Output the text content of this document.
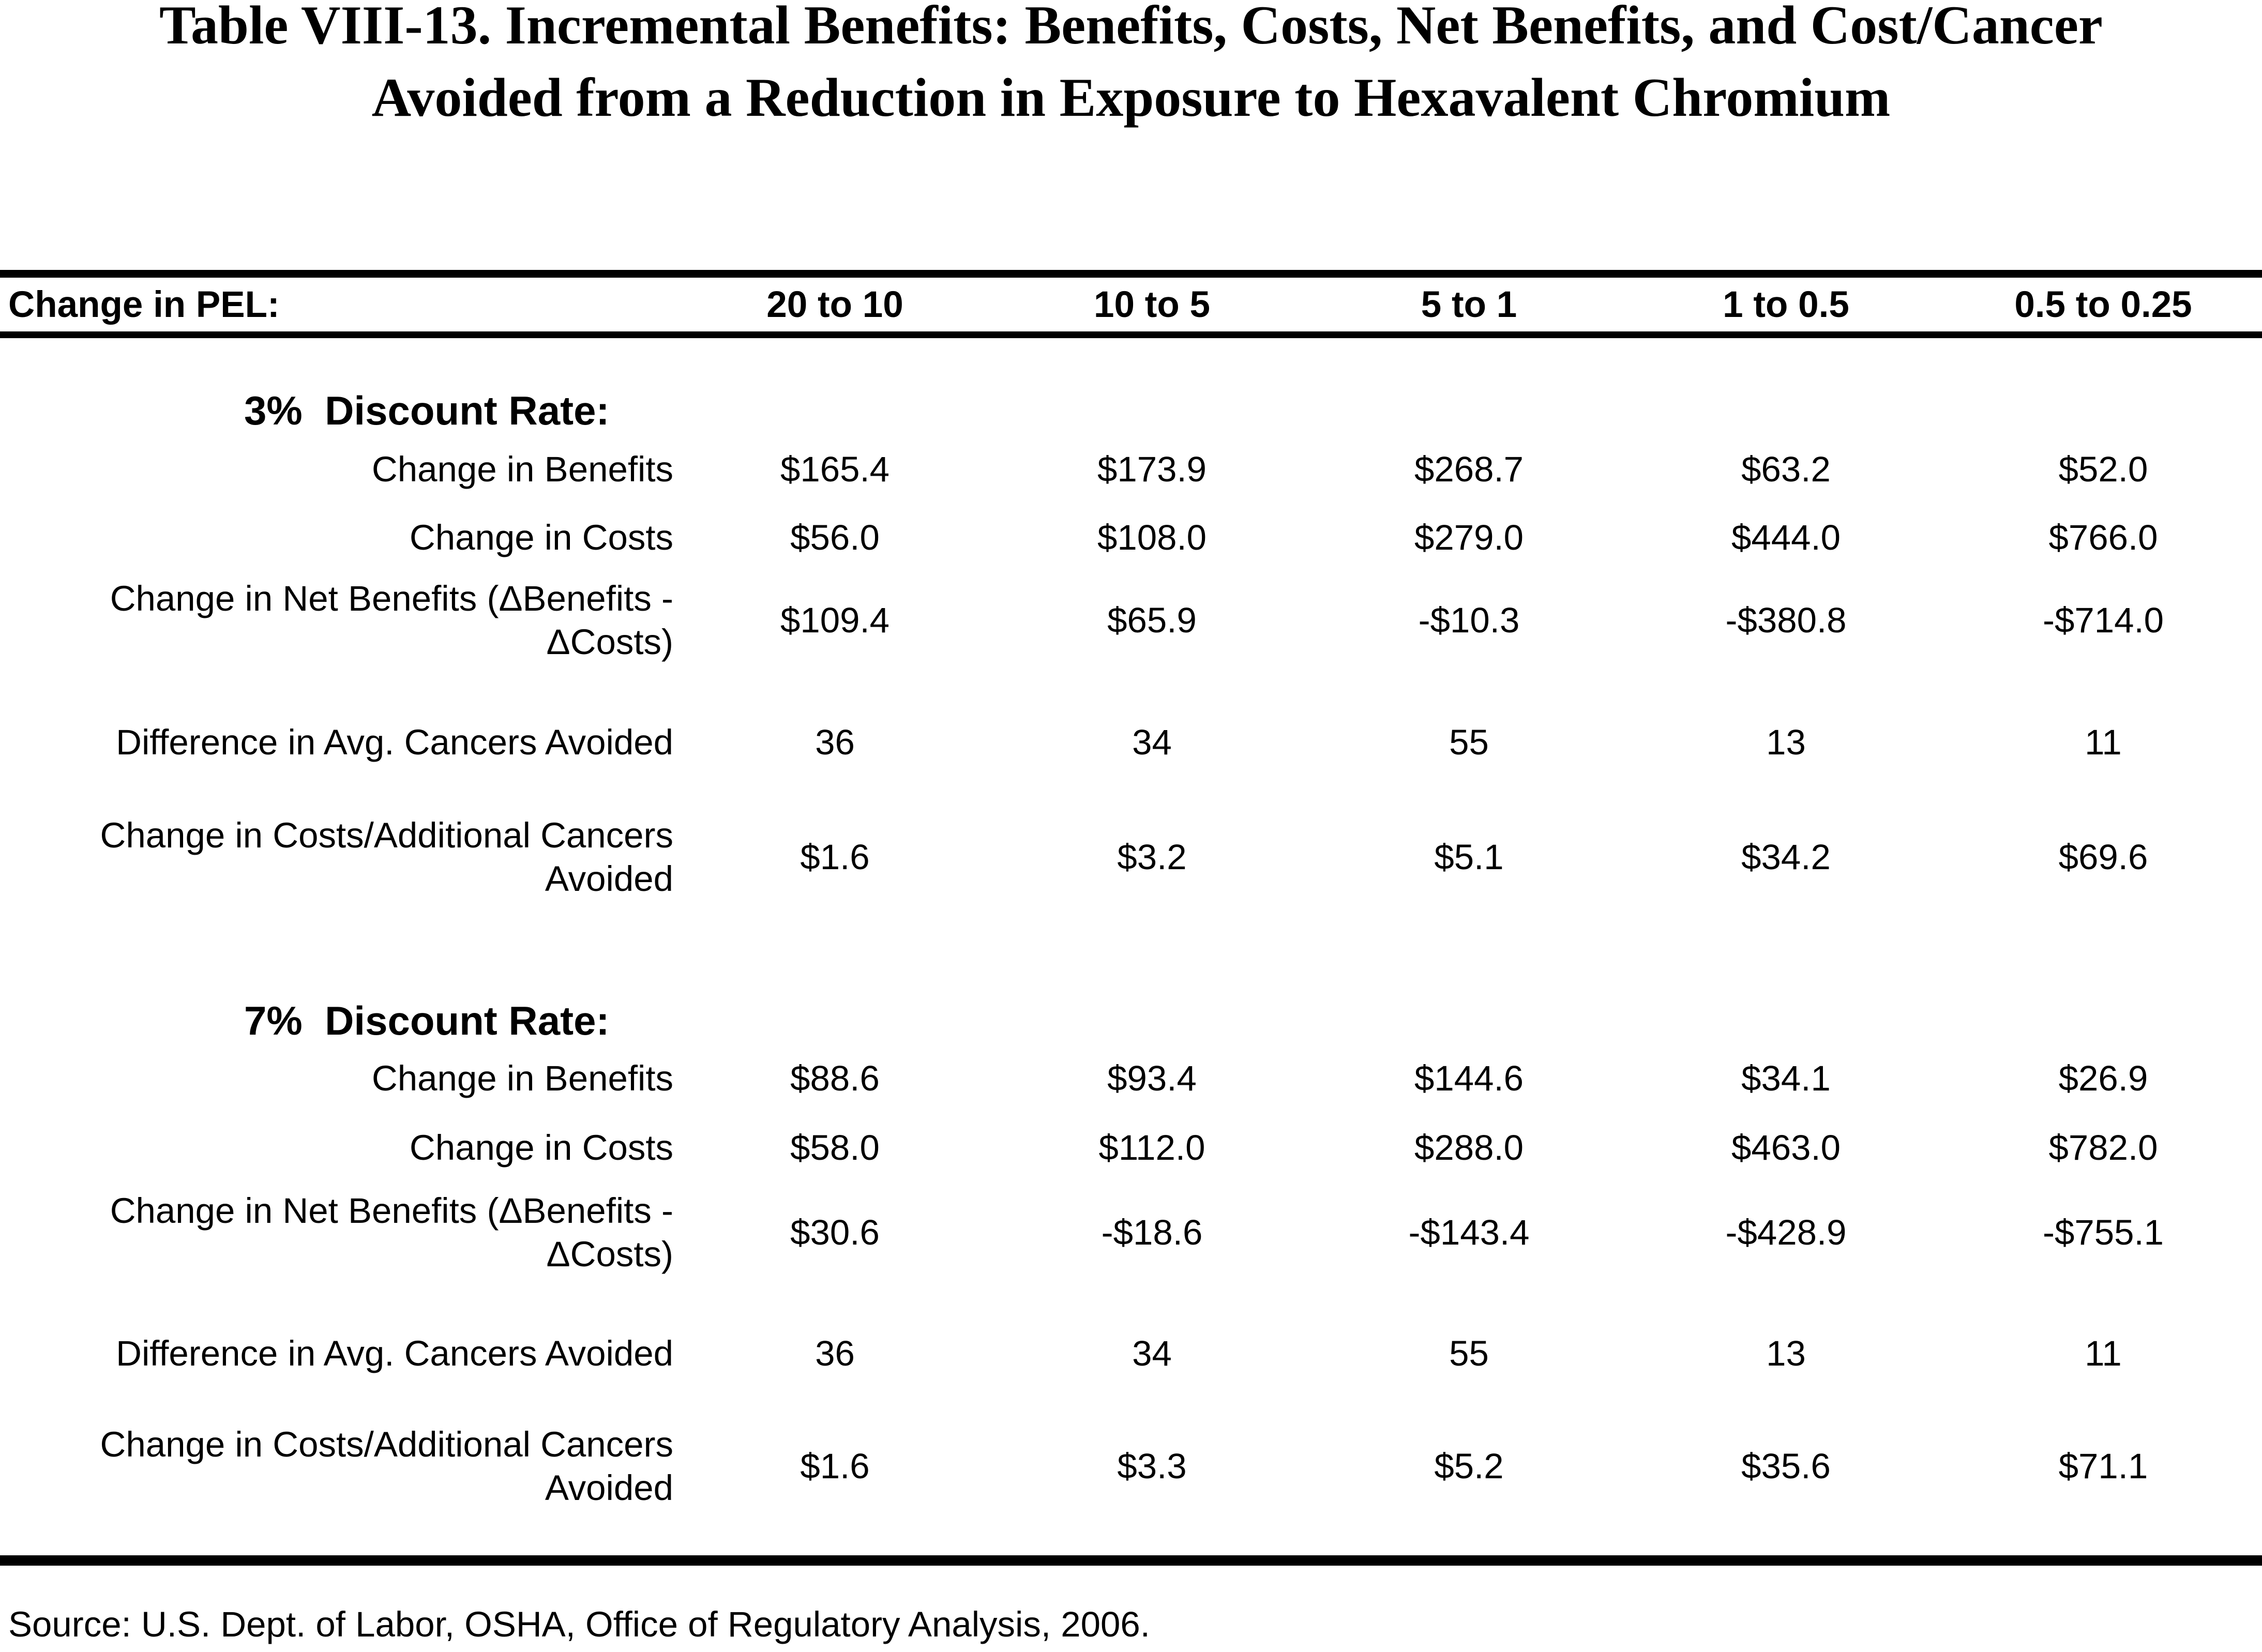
Table VIII-13. Incremental Benefits: Benefits, Costs, Net Benefits, and Cost/Cancer
Avoided from a Reduction in Exposure to Hexavalent Chromium
Change in PEL:	20 to 10	10 to 5	5 to 1	1 to 0.5	0.5 to 0.25
3%  Discount Rate:
Change in Benefits	$165.4	$173.9	$268.7	$63.2	$52.0
Change in Costs	$56.0	$108.0	$279.0	$444.0	$766.0
Change in Net Benefits (ΔBenefits -
ΔCosts)
$109.4	$65.9	-$10.3	-$380.8	-$714.0
Difference in Avg. Cancers Avoided	36	34	55	13	11
Change in Costs/Additional Cancers
Avoided
$1.6	$3.2	$5.1	$34.2	$69.6
7%  Discount Rate:
Change in Benefits	$88.6	$93.4	$144.6	$34.1	$26.9
Change in Costs	$58.0	$112.0	$288.0	$463.0	$782.0
Change in Net Benefits (ΔBenefits -
ΔCosts)
$30.6	-$18.6	-$143.4	-$428.9	-$755.1
Difference in Avg. Cancers Avoided	36	34	55	13	11
Change in Costs/Additional Cancers
Avoided
$1.6	$3.3	$5.2	$35.6	$71.1
Source: U.S. Dept. of Labor, OSHA, Office of Regulatory Analysis, 2006.
